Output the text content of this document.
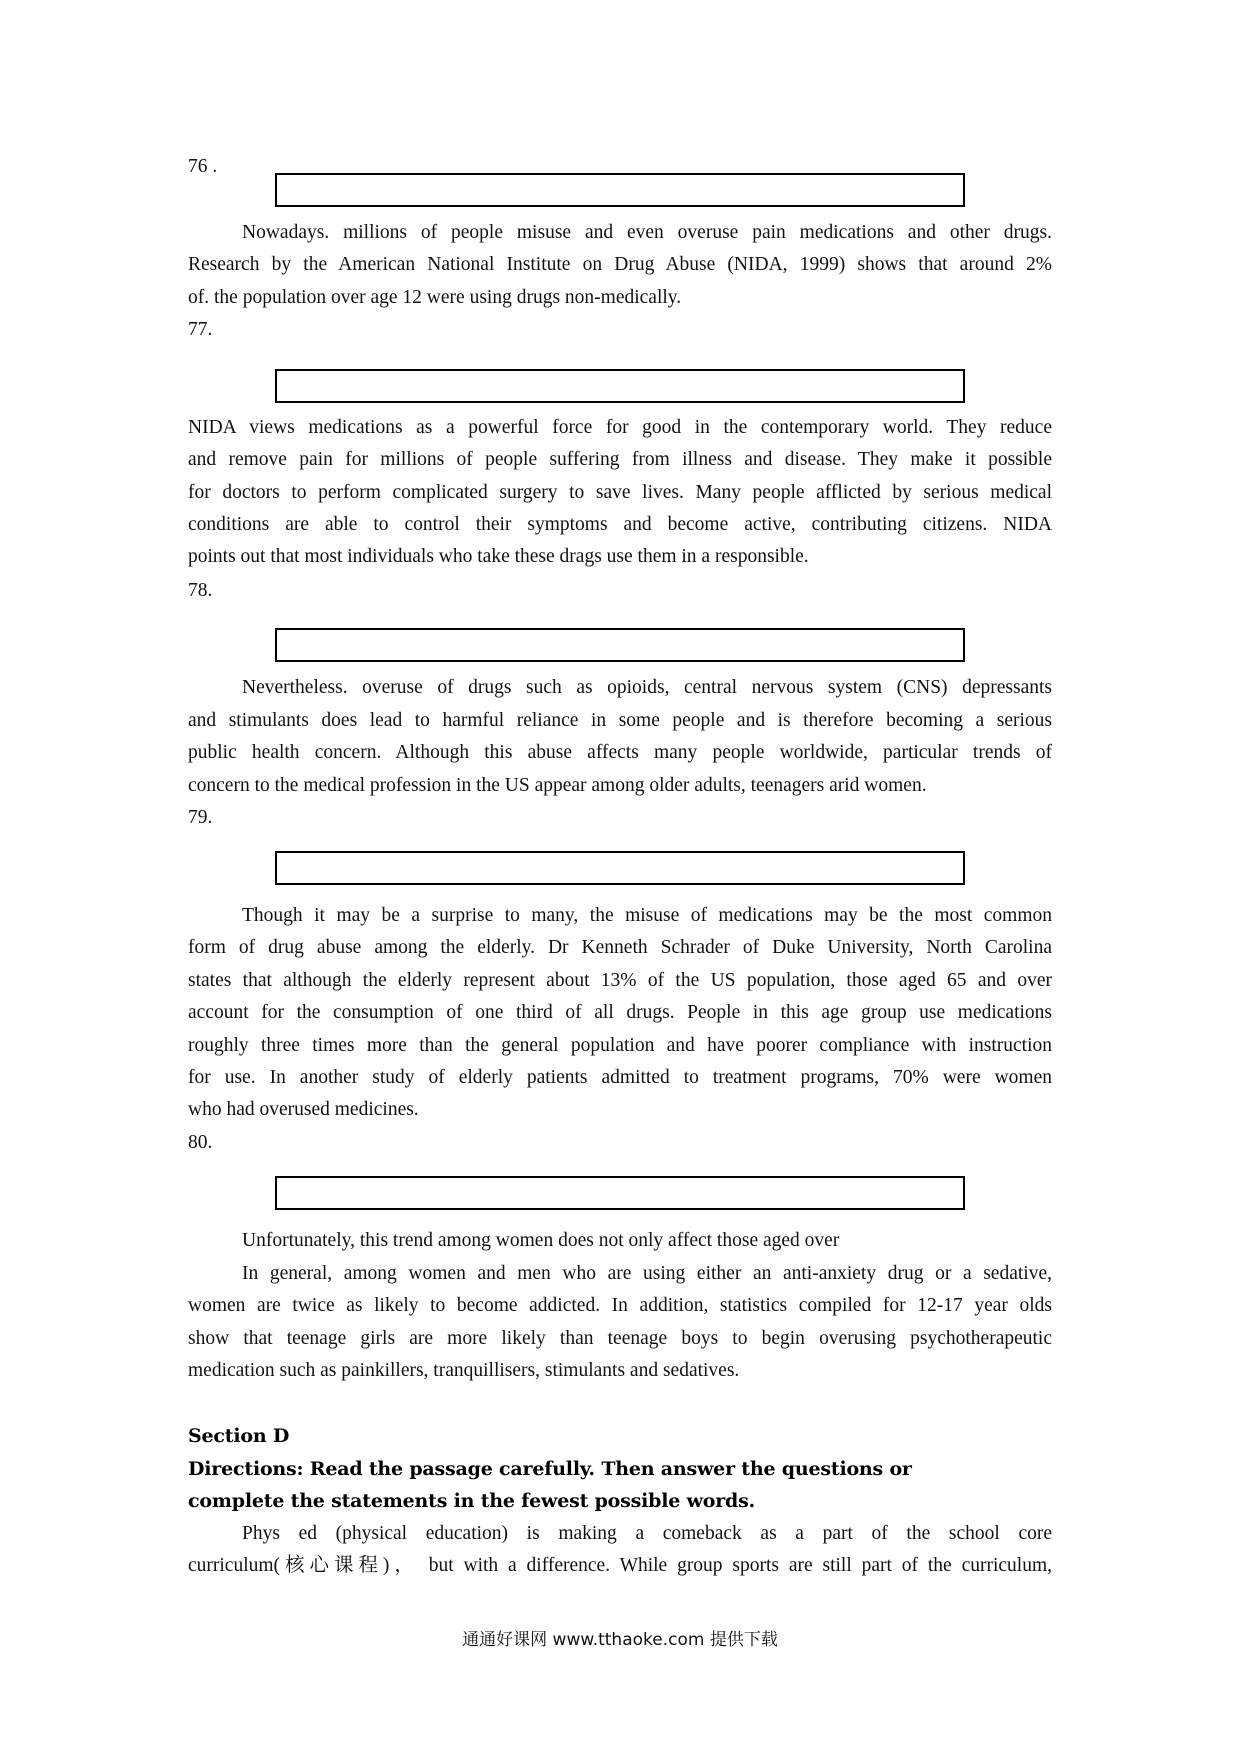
76 .
Nowadays. millions of people misuse and even overuse pain medications and other drugs.
Research by the American National Institute on Drug Abuse (NIDA, 1999) shows that around 2%
of. the population over age 12 were using drugs non-medically.
77.
NIDA views medications as a powerful force for good in the contemporary world. They reduce
and remove pain for millions of people suffering from illness and disease. They make it possible
for doctors to perform complicated surgery to save lives. Many people afflicted by serious medical
conditions are able to control their symptoms and become active, contributing citizens. NIDA
points out that most individuals who take these drags use them in a responsible.
78.
Nevertheless. overuse of drugs such as opioids, central nervous system (CNS) depressants
and stimulants does lead to harmful reliance in some people and is therefore becoming a serious
public health concern. Although this abuse affects many people worldwide, particular trends of
concern to the medical profession in the US appear among older adults, teenagers arid women.
79.
Though it may be a surprise to many, the misuse of medications may be the most common
form of drug abuse among the elderly. Dr Kenneth Schrader of Duke University, North Carolina
states that although the elderly represent about 13% of the US population, those aged 65 and over
account for the consumption of one third of all drugs. People in this age group use medications
roughly three times more than the general population and have poorer compliance with instruction
for use. In another study of elderly patients admitted to treatment programs, 70% were women
who had overused medicines.
80.
Unfortunately, this trend among women does not only affect those aged over
In general, among women and men who are using either an anti-anxiety drug or a sedative,
women are twice as likely to become addicted. In addition, statistics compiled for 12-17 year olds
show that teenage girls are more likely than teenage boys to begin overusing psychotherapeutic
medication such as painkillers, tranquillisers, stimulants and sedatives.
Section D
Directions: Read the passage carefully. Then answer the questions or
complete the statements in the fewest possible words.
Phys ed (physical education) is making a comeback as a part of the school core
curriculum(核心课程)， but with a difference. While group sports are still part of the curriculum,
通通好课网 www.tthaoke.com 提供下载
